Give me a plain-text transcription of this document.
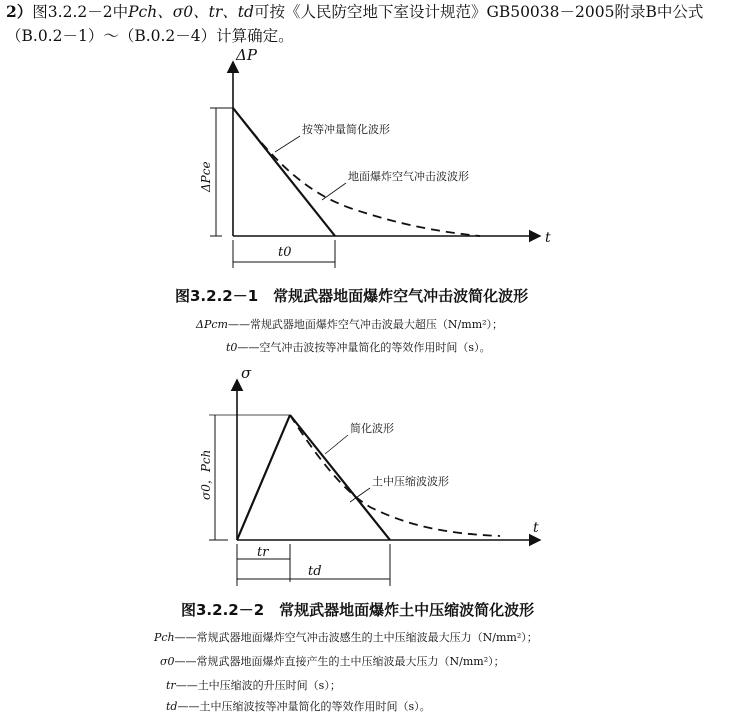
2）图3.2.2－2中Pch、σ0、tr、td可按《人民防空地下室设计规范》GB50038－2005附录B中公式（B.0.2－1）～（B.0.2－4）计算确定。
ΔP
t
ΔPce
t0
按等冲量简化波形
地面爆炸空气冲击波波形
图3.2.2－1　常规武器地面爆炸空气冲击波简化波形
ΔPcm——常规武器地面爆炸空气冲击波最大超压（N/mm²）；
t0——空气冲击波按等冲量简化的等效作用时间（s）。
σ
t
σ0，Pch
tr
td
简化波形
土中压缩波波形
图3.2.2－2　常规武器地面爆炸土中压缩波简化波形
Pch——常规武器地面爆炸空气冲击波感生的土中压缩波最大压力（N/mm²）；
σ0——常规武器地面爆炸直接产生的土中压缩波最大压力（N/mm²）；
tr——土中压缩波的升压时间（s）；
td——土中压缩波按等冲量简化的等效作用时间（s）。
